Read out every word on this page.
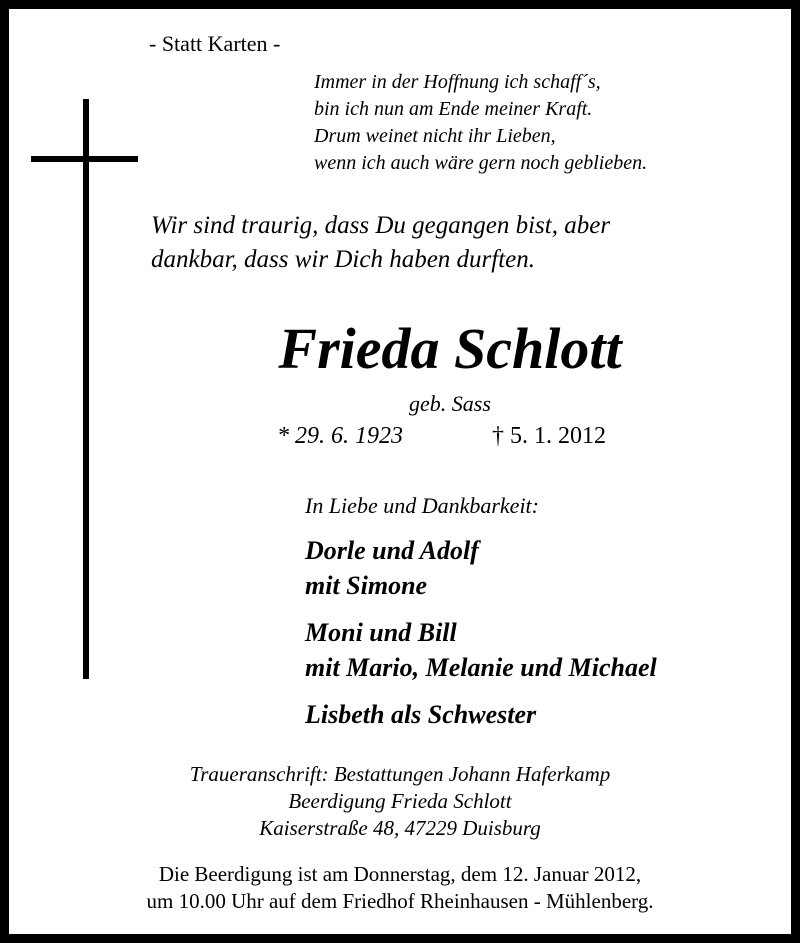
- Statt Karten -
Immer in der Hoffnung ich schaff´s,
bin ich nun am Ende meiner Kraft.
Drum weinet nicht ihr Lieben,
wenn ich auch wäre gern noch geblieben.
Wir sind traurig, dass Du gegangen bist, aber
dankbar, dass wir Dich haben durften.
Frieda Schlott
geb. Sass
* 29. 6. 1923	† 5. 1. 2012
In Liebe und Dankbarkeit:
Dorle und Adolf
mit Simone
Moni und Bill
mit Mario, Melanie und Michael
Lisbeth als Schwester
Traueranschrift: Bestattungen Johann Haferkamp
Beerdigung Frieda Schlott
Kaiserstraße 48, 47229 Duisburg
Die Beerdigung ist am Donnerstag, dem 12. Januar 2012,
um 10.00 Uhr auf dem Friedhof Rheinhausen - Mühlenberg.
